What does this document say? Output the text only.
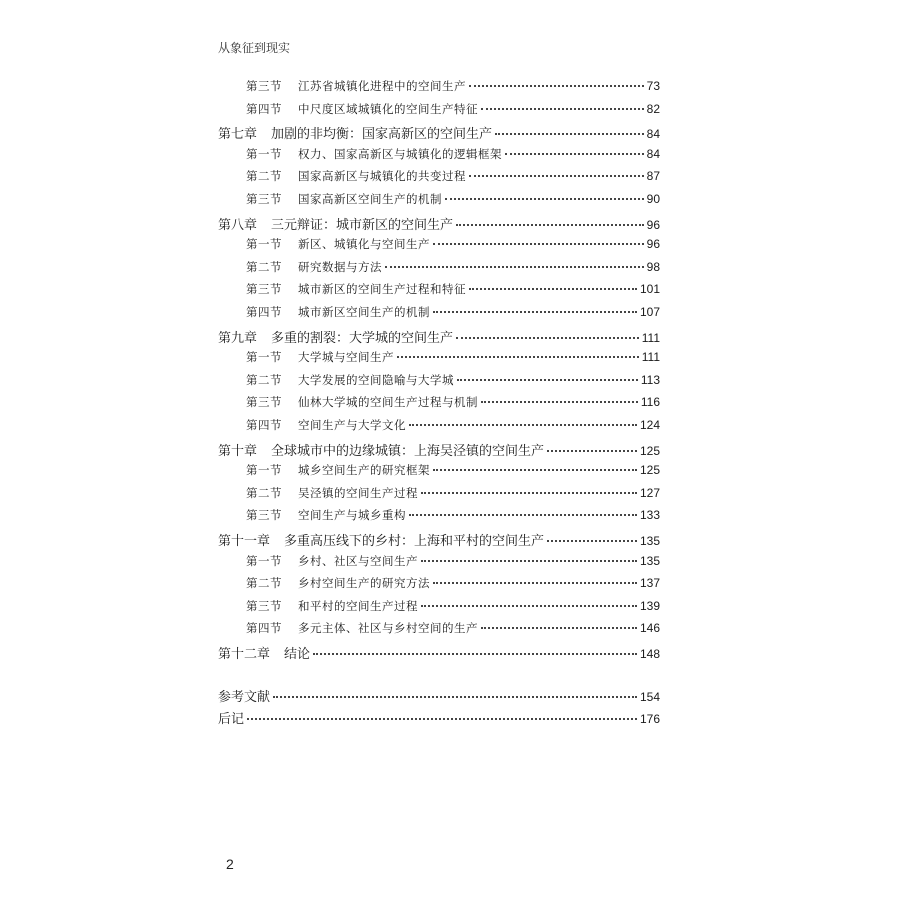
从象征到现实
第三节 江苏省城镇化进程中的空间生产	73
第四节 中尺度区域城镇化的空间生产特征	82
第七章 加剧的非均衡：国家高新区的空间生产	84
第一节 权力、国家高新区与城镇化的逻辑框架	84
第二节 国家高新区与城镇化的共变过程	87
第三节 国家高新区空间生产的机制	90
第八章 三元辩证：城市新区的空间生产	96
第一节 新区、城镇化与空间生产	96
第二节 研究数据与方法	98
第三节 城市新区的空间生产过程和特征	101
第四节 城市新区空间生产的机制	107
第九章 多重的割裂：大学城的空间生产	111
第一节 大学城与空间生产	111
第二节 大学发展的空间隐喻与大学城	113
第三节 仙林大学城的空间生产过程与机制	116
第四节 空间生产与大学文化	124
第十章 全球城市中的边缘城镇：上海吴泾镇的空间生产	125
第一节 城乡空间生产的研究框架	125
第二节 吴泾镇的空间生产过程	127
第三节 空间生产与城乡重构	133
第十一章 多重高压线下的乡村：上海和平村的空间生产	135
第一节 乡村、社区与空间生产	135
第二节 乡村空间生产的研究方法	137
第三节 和平村的空间生产过程	139
第四节 多元主体、社区与乡村空间的生产	146
第十二章 结论	148
参考文献	154
后记	176
2
